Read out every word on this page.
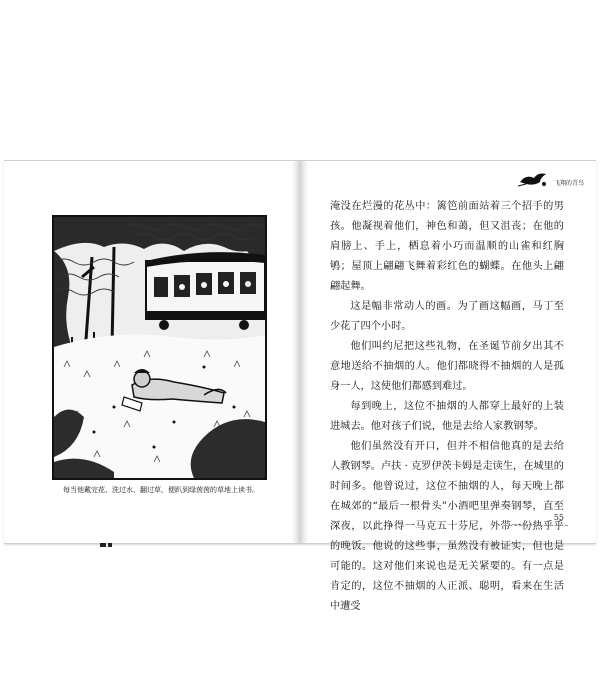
每当他戴完花、洗过水、翻过草，便趴到绿茵茵的草地上读书。
飞翔的青鸟

淹没在烂漫的花丛中：篱笆前面站着三个招手的男孩。他凝视着他们，神色和蔼，但又沮丧；在他的肩膀上、手上，栖息着小巧而温顺的山雀和红胸鸲；屋顶上翩翩飞舞着彩红色的蝴蝶。在他头上翩翩起舞。

这是幅非常动人的画。为了画这幅画，马丁至少花了四个小时。

他们叫约尼把这些礼物，在圣诞节前夕出其不意地送给不抽烟的人。他们都晓得不抽烟的人是孤身一人，这使他们都感到难过。

每到晚上，这位不抽烟的人都穿上最好的上装进城去。他对孩子们说，他是去给人家教钢琴。

他们虽然没有开口，但并不相信他真的是去给人教钢琴。卢扶 · 克罗伊茨卡姆是走读生，在城里的时间多。他曾说过，这位不抽烟的人，每天晚上都在城郊的“最后一根骨头”小酒吧里弹奏钢琴，直至深夜，以此挣得一马克五十芬尼，外带一份热乎乎的晚饭。他说的这些事，虽然没有被证实，但也是可能的。这对他们来说也是无关紧要的。有一点是肯定的，这位不抽烟的人正派、聪明，看来在生活中遭受

55
